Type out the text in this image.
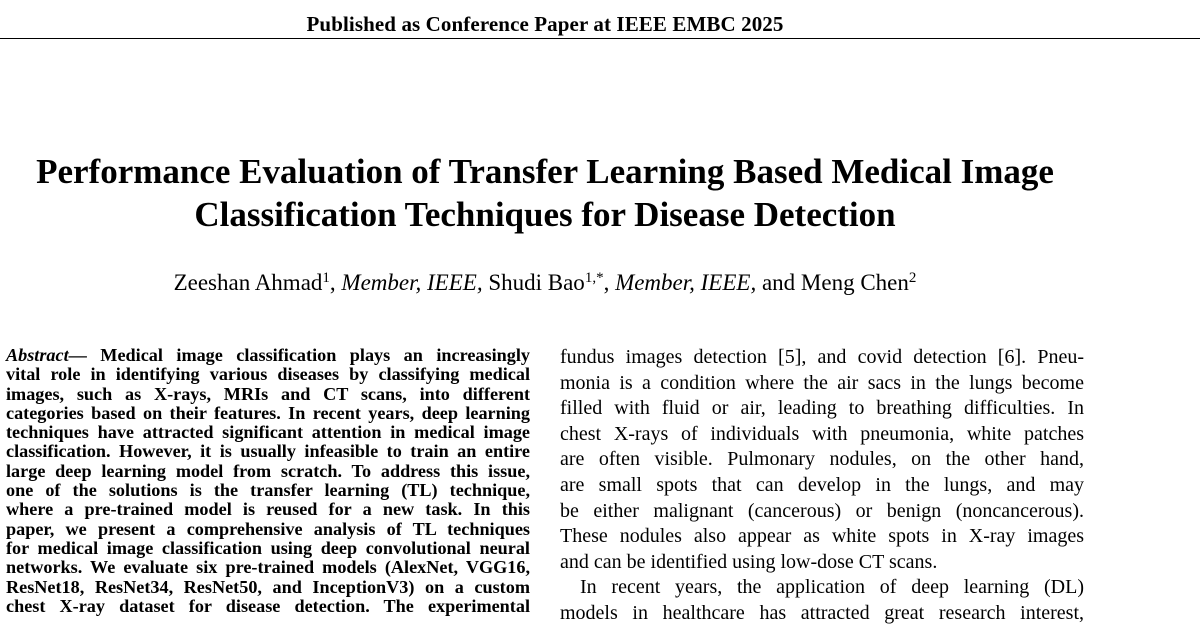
Published as Conference Paper at IEEE EMBC 2025
Performance Evaluation of Transfer Learning Based Medical Image
Classification Techniques for Disease Detection
Zeeshan Ahmad$^1$, Member, IEEE, Shudi Bao$^{1,*}$, Member, IEEE, and Meng Chen$^2$
Abstract— Medical image classification plays an increasingly
vital role in identifying various diseases by classifying medical
images, such as X-rays, MRIs and CT scans, into different
categories based on their features. In recent years, deep learning
techniques have attracted significant attention in medical image
classification. However, it is usually infeasible to train an entire
large deep learning model from scratch. To address this issue,
one of the solutions is the transfer learning (TL) technique,
where a pre-trained model is reused for a new task. In this
paper, we present a comprehensive analysis of TL techniques
for medical image classification using deep convolutional neural
networks. We evaluate six pre-trained models (AlexNet, VGG16,
ResNet18, ResNet34, ResNet50, and InceptionV3) on a custom
chest X-ray dataset for disease detection. The experimental

fundus images detection [5], and covid detection [6]. Pneu-
monia is a condition where the air sacs in the lungs become
filled with fluid or air, leading to breathing difficulties. In
chest X-rays of individuals with pneumonia, white patches
are often visible. Pulmonary nodules, on the other hand,
are small spots that can develop in the lungs, and may
be either malignant (cancerous) or benign (noncancerous).
These nodules also appear as white spots in X-ray images
and can be identified using low-dose CT scans.

In recent years, the application of deep learning (DL)
models in healthcare has attracted great research interest,
